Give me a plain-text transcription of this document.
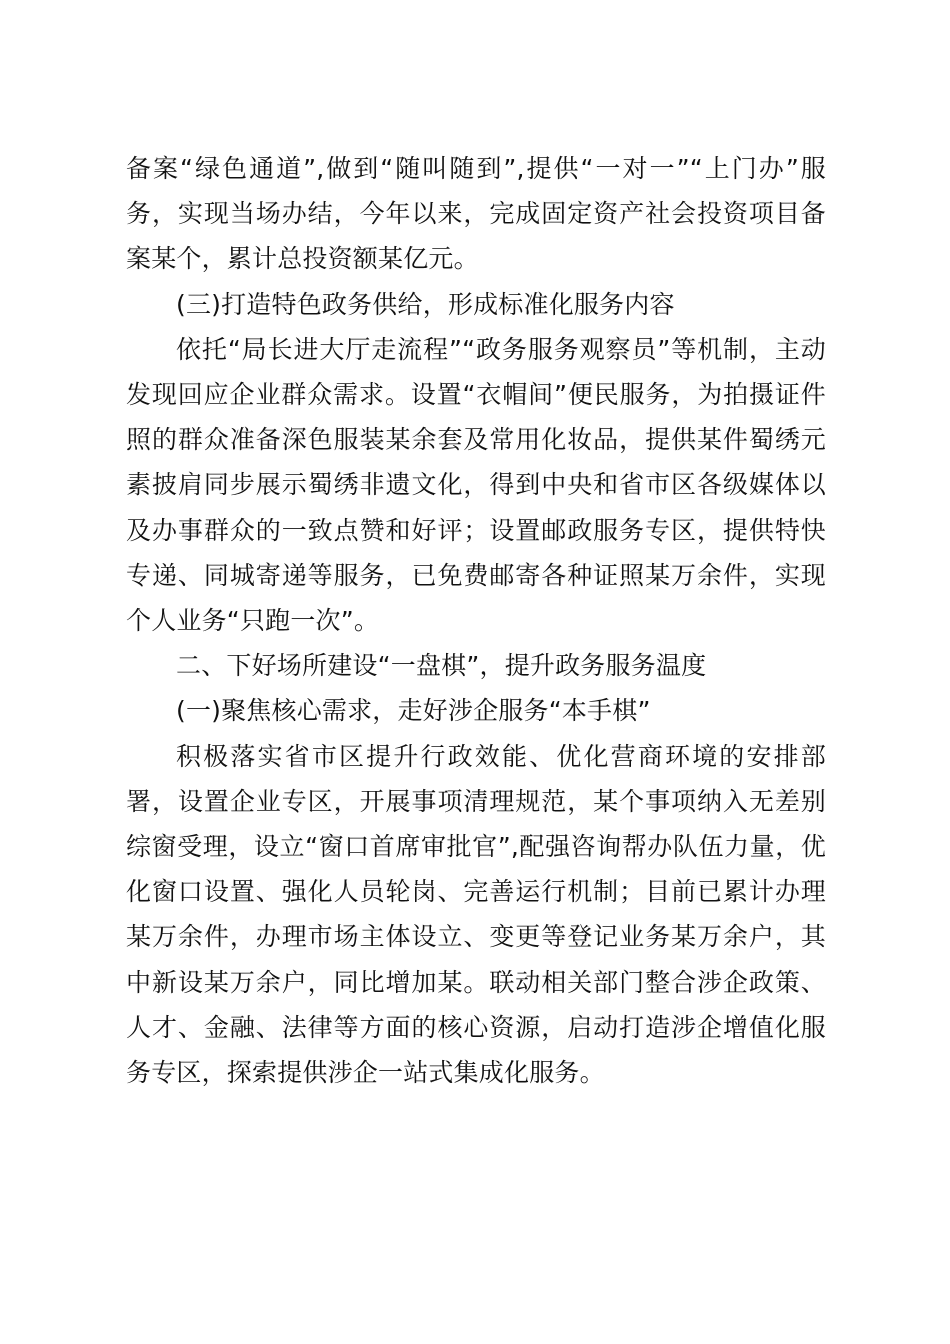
备案“绿色通道”,做到“随叫随到”,提供“一对一”“上门办”服务，实现当场办结，今年以来，完成固定资产社会投资项目备案某个，累计总投资额某亿元。

(三)打造特色政务供给，形成标准化服务内容

依托“局长进大厅走流程”“政务服务观察员”等机制，主动发现回应企业群众需求。设置“衣帽间”便民服务，为拍摄证件照的群众准备深色服装某余套及常用化妆品，提供某件蜀绣元素披肩同步展示蜀绣非遗文化，得到中央和省市区各级媒体以及办事群众的一致点赞和好评；设置邮政服务专区，提供特快专递、同城寄递等服务，已免费邮寄各种证照某万余件，实现个人业务“只跑一次”。

二、下好场所建设“一盘棋”，提升政务服务温度

(一)聚焦核心需求，走好涉企服务“本手棋”

积极落实省市区提升行政效能、优化营商环境的安排部署，设置企业专区，开展事项清理规范，某个事项纳入无差别综窗受理，设立“窗口首席审批官”,配强咨询帮办队伍力量，优化窗口设置、强化人员轮岗、完善运行机制；目前已累计办理某万余件，办理市场主体设立、变更等登记业务某万余户，其中新设某万余户，同比增加某。联动相关部门整合涉企政策、人才、金融、法律等方面的核心资源，启动打造涉企增值化服务专区，探索提供涉企一站式集成化服务。
